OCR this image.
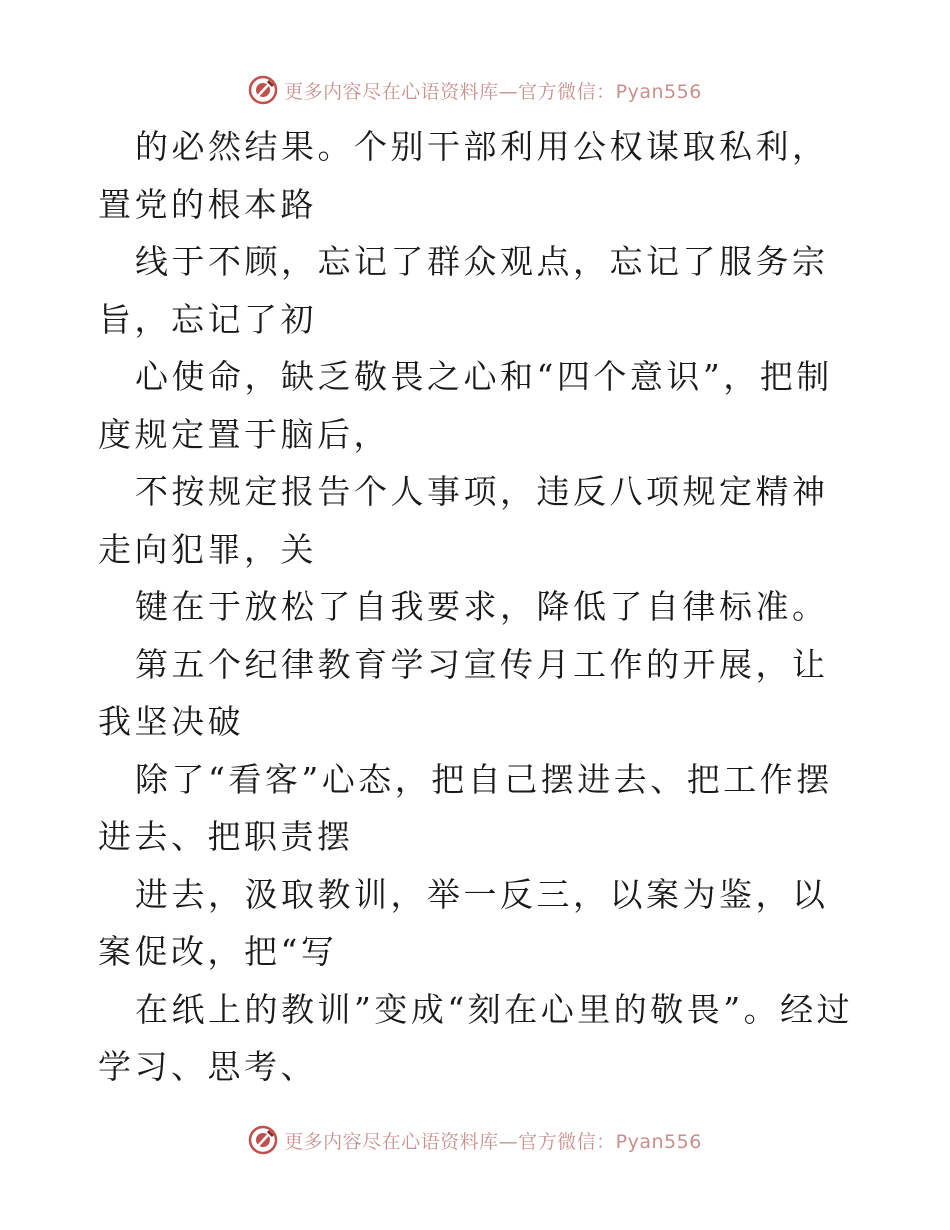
更多内容尽在心语资料库—官方微信：Pyan556

的必然结果。个别干部利用公权谋取私利，置党的根本路

线于不顾，忘记了群众观点，忘记了服务宗旨，忘记了初

心使命，缺乏敬畏之心和“四个意识”，把制度规定置于脑后，

不按规定报告个人事项，违反八项规定精神走向犯罪，关

键在于放松了自我要求，降低了自律标准。

第五个纪律教育学习宣传月工作的开展，让我坚决破

除了“看客”心态，把自己摆进去、把工作摆进去、把职责摆

进去，汲取教训，举一反三，以案为鉴，以案促改，把“写

在纸上的教训”变成“刻在心里的敬畏”。经过学习、思考、

更多内容尽在心语资料库—官方微信：Pyan556
